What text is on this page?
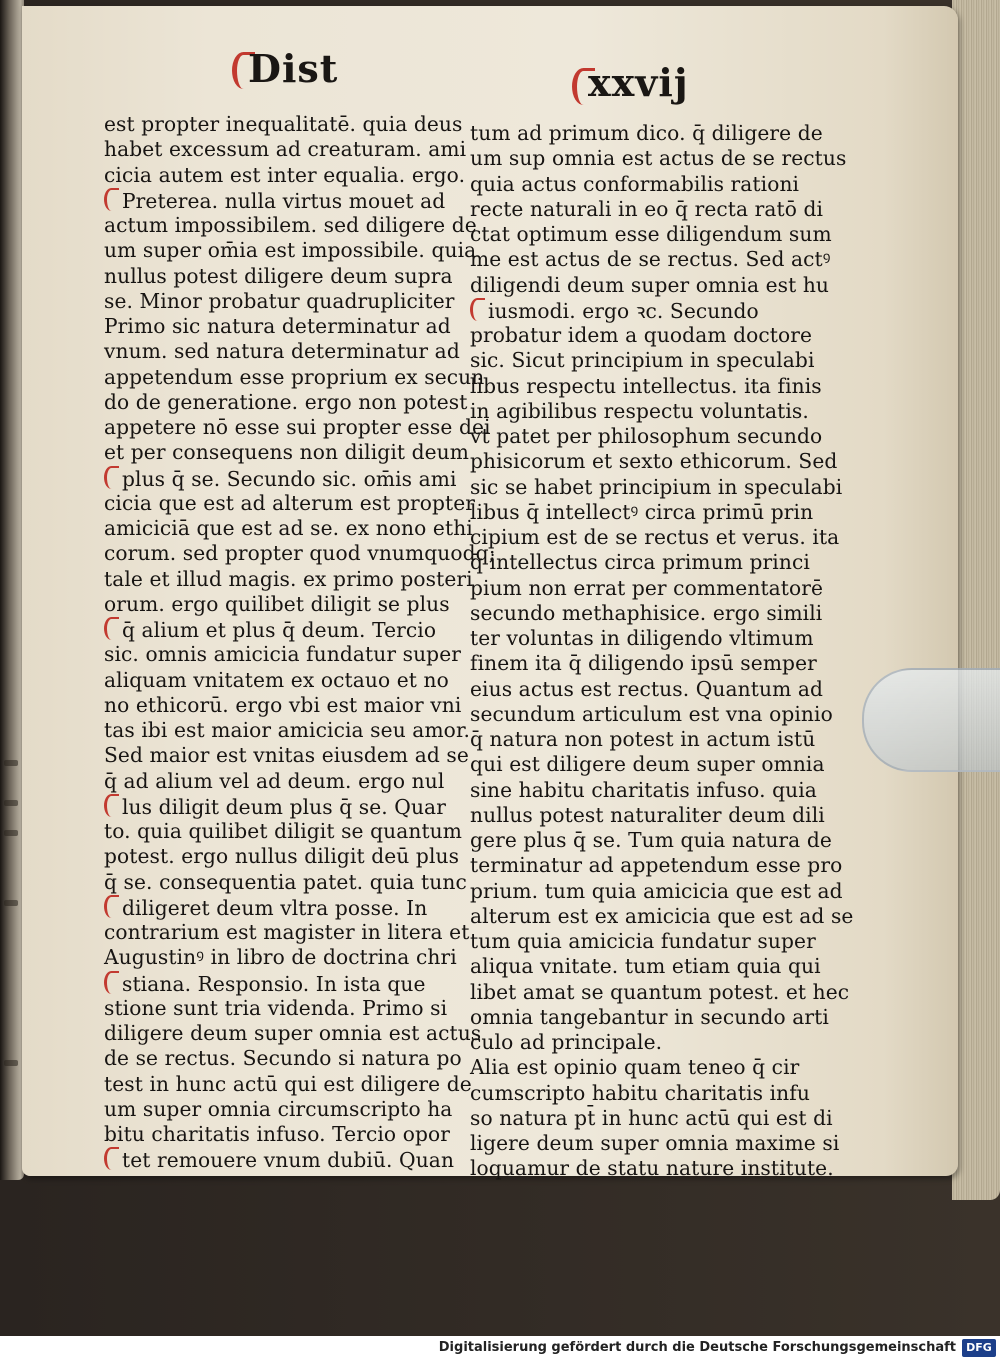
Dist	xxvij
est propter inequalitatē. quia deus
habet excessum ad creaturam. ami
cicia autem est inter equalia. ergo.
Preterea. nulla virtus mouet ad
actum impossibilem. sed diligere de
um super om̄ia est impossibile. quia
nullus potest diligere deum supra
se. Minor probatur quadrupliciter
Primo sic natura determinatur ad
vnum. sed natura determinatur ad
appetendum esse proprium ex secun
do de generatione. ergo non potest
appetere nō esse sui propter esse dei
et per consequens non diligit deum
plus q̄ se. Secundo sic. om̄is ami
cicia que est ad alterum est propter
amiciciā que est ad se. ex nono ethi
corum. sed propter quod vnumquodq;
tale et illud magis. ex primo posteri
orum. ergo quilibet diligit se plus
q̄ alium et plus q̄ deum. Tercio
sic. omnis amicicia fundatur super
aliquam vnitatem ex octauo et no
no ethicorū. ergo vbi est maior vni
tas ibi est maior amicicia seu amor.
Sed maior est vnitas eiusdem ad se
q̄ ad alium vel ad deum. ergo nul
lus diligit deum plus q̄ se. Quar
to. quia quilibet diligit se quantum
potest. ergo nullus diligit deū plus
q̄ se. consequentia patet. quia tunc
diligeret deum vltra posse. In
contrarium est magister in litera et
Augustinꝰ in libro de doctrina chri
stiana. Responsio. In ista que
stione sunt tria videnda. Primo si
diligere deum super omnia est actus
de se rectus. Secundo si natura po
test in hunc actū qui est diligere de
um super omnia circumscripto ha
bitu charitatis infuso. Tercio opor
tet remouere vnum dubiū. Quan
tum ad primum dico. q̄ diligere de
um sup omnia est actus de se rectus
quia actus conformabilis rationi
recte naturali in eo q̄ recta ratō di
ctat optimum esse diligendum sum
me est actus de se rectus. Sed actꝰ
diligendi deum super omnia est hu
iusmodi. ergo ꝛc. Secundo
probatur idem a quodam doctore
sic. Sicut principium in speculabi
libus respectu intellectus. ita finis
in agibilibus respectu voluntatis.
vt patet per philosophum secundo
phisicorum et sexto ethicorum. Sed
sic se habet principium in speculabi
libus q̄ intellectꝰ circa primū prin
cipium est de se rectus et verus. ita
q̄ intellectus circa primum princi
pium non errat per commentatorē
secundo methaphisice. ergo simili
ter voluntas in diligendo vltimum
finem ita q̄ diligendo ipsū semper
eius actus est rectus. Quantum ad
secundum articulum est vna opinio
q̄ natura non potest in actum istū
qui est diligere deum super omnia
sine habitu charitatis infuso. quia
nullus potest naturaliter deum dili
gere plus q̄ se. Tum quia natura de
terminatur ad appetendum esse pro
prium. tum quia amicicia que est ad
alterum est ex amicicia que est ad se
tum quia amicicia fundatur super
aliqua vnitate. tum etiam quia qui
libet amat se quantum potest. et hec
omnia tangebantur in secundo arti
culo ad principale.
Alia est opinio quam teneo q̄ cir
cumscripto habitu charitatis infu
so natura pt̄ in hunc actū qui est di
ligere deum super omnia maxime si
loquamur de statu nature institute.
Digitalisierung gefördert durch die Deutsche Forschungsgemeinschaft DFG
